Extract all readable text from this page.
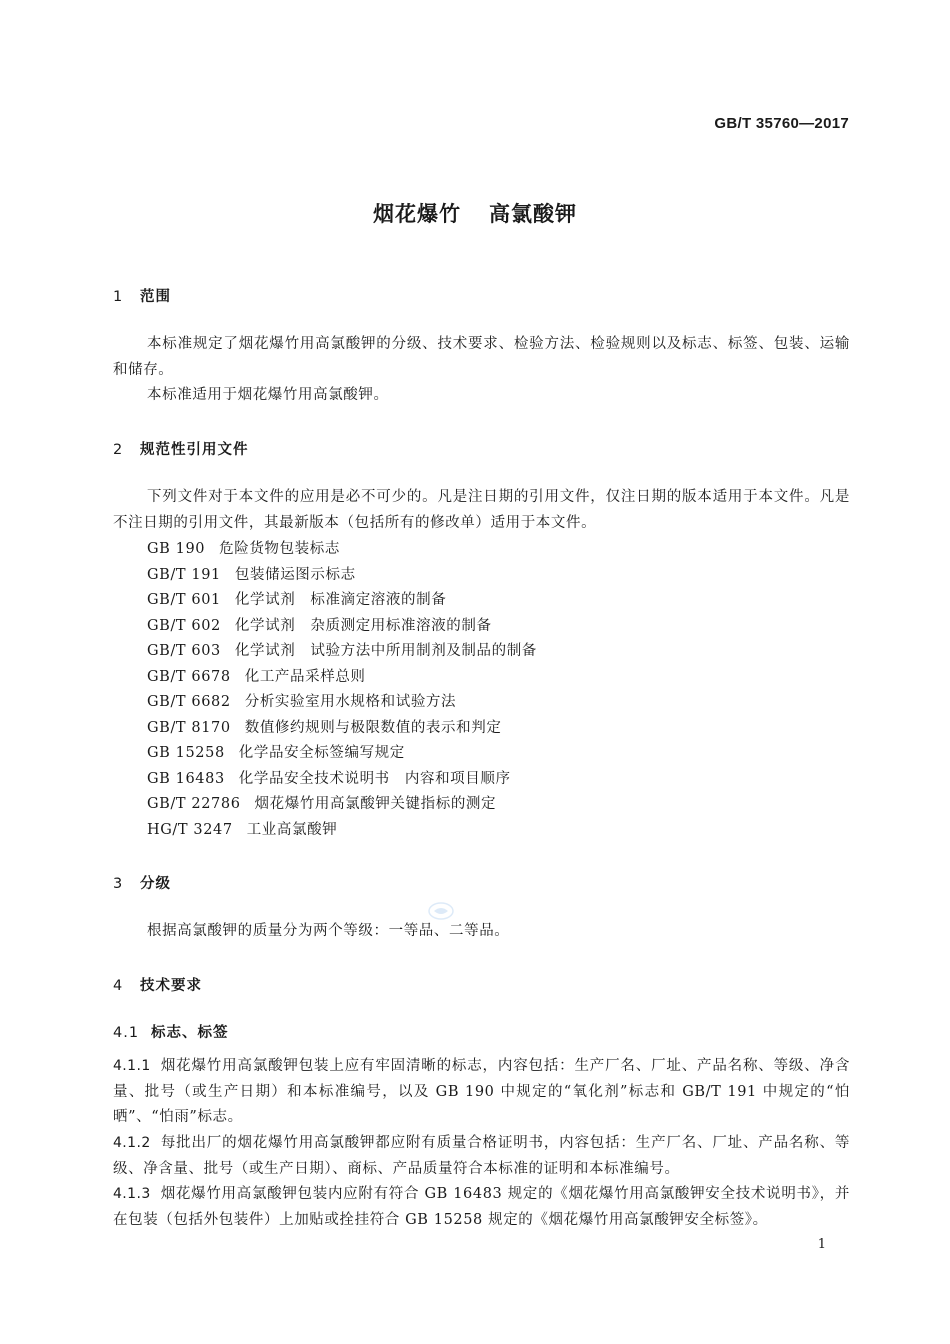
GB/T 35760—2017
烟花爆竹 高氯酸钾
1 范围

本标准规定了烟花爆竹用高氯酸钾的分级、技术要求、检验方法、检验规则以及标志、标签、包装、运输和储存。

本标准适用于烟花爆竹用高氯酸钾。

2 规范性引用文件

下列文件对于本文件的应用是必不可少的。凡是注日期的引用文件，仅注日期的版本适用于本文件。凡是不注日期的引用文件，其最新版本（包括所有的修改单）适用于本文件。

GB 190 危险货物包装标志
GB/T 191 包装储运图示标志
GB/T 601 化学试剂　标准滴定溶液的制备
GB/T 602 化学试剂　杂质测定用标准溶液的制备
GB/T 603 化学试剂　试验方法中所用制剂及制品的制备
GB/T 6678 化工产品采样总则
GB/T 6682 分析实验室用水规格和试验方法
GB/T 8170 数值修约规则与极限数值的表示和判定
GB 15258 化学品安全标签编写规定
GB 16483 化学品安全技术说明书　内容和项目顺序
GB/T 22786 烟花爆竹用高氯酸钾关键指标的测定
HG/T 3247 工业高氯酸钾
3 分级

根据高氯酸钾的质量分为两个等级：一等品、二等品。

4 技术要求
4.1 标志、标签

4.1.1 烟花爆竹用高氯酸钾包装上应有牢固清晰的标志，内容包括：生产厂名、厂址、产品名称、等级、净含量、批号（或生产日期）和本标准编号，以及 GB 190 中规定的“氧化剂”标志和 GB/T 191 中规定的“怕晒”、“怕雨”标志。

4.1.2 每批出厂的烟花爆竹用高氯酸钾都应附有质量合格证明书，内容包括：生产厂名、厂址、产品名称、等级、净含量、批号（或生产日期）、商标、产品质量符合本标准的证明和本标准编号。

4.1.3 烟花爆竹用高氯酸钾包装内应附有符合 GB 16483 规定的《烟花爆竹用高氯酸钾安全技术说明书》，并在包装（包括外包装件）上加贴或拴挂符合 GB 15258 规定的《烟花爆竹用高氯酸钾安全标签》。

1
